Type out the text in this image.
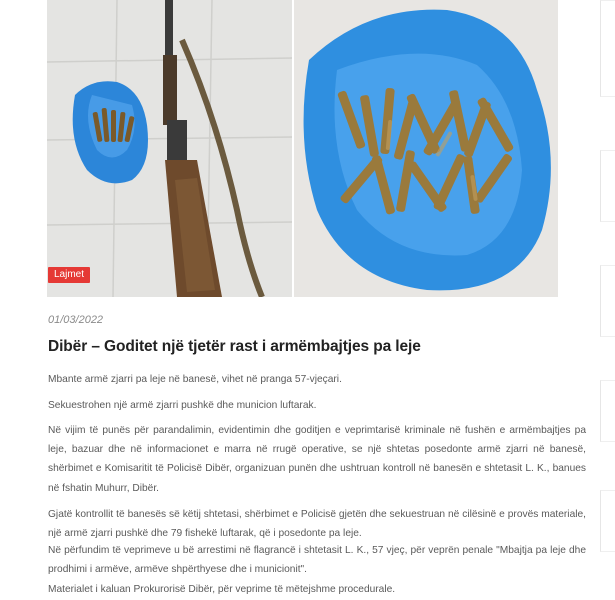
Lajmet
01/03/2022
Dibër – Goditet një tjetër rast i armëmbajtjes pa leje

Mbante armë zjarri pa leje në banesë, vihet në pranga 57-vjeçari.

Sekuestrohen një armë zjarri pushkë dhe municion luftarak.

Në vijim të punës për parandalimin, evidentimin dhe goditjen e veprimtarisë kriminale në fushën e armëmbajtjes pa leje, bazuar dhe në informacionet e marra në rrugë operative, se një shtetas posedonte armë zjarri në banesë, shërbimet e Komisaritit të Policisë Dibër, organizuan punën dhe ushtruan kontroll në banesën e shtetasit L. K., banues në fshatin Muhurr, Dibër.

Gjatë kontrollit të banesës së këtij shtetasi, shërbimet e Policisë gjetën dhe sekuestruan në cilësinë e provës materiale, një armë zjarri pushkë dhe 79 fishekë luftarak, që i posedonte pa leje.

Në përfundim të veprimeve u bë arrestimi në flagrancë i shtetasit L. K., 57 vjeç, për veprën penale "Mbajtja pa leje dhe prodhimi i armëve, armëve shpërthyese dhe i municionit".

Materialet i kaluan Prokurorisë Dibër, për veprime të mëtejshme procedurale.
